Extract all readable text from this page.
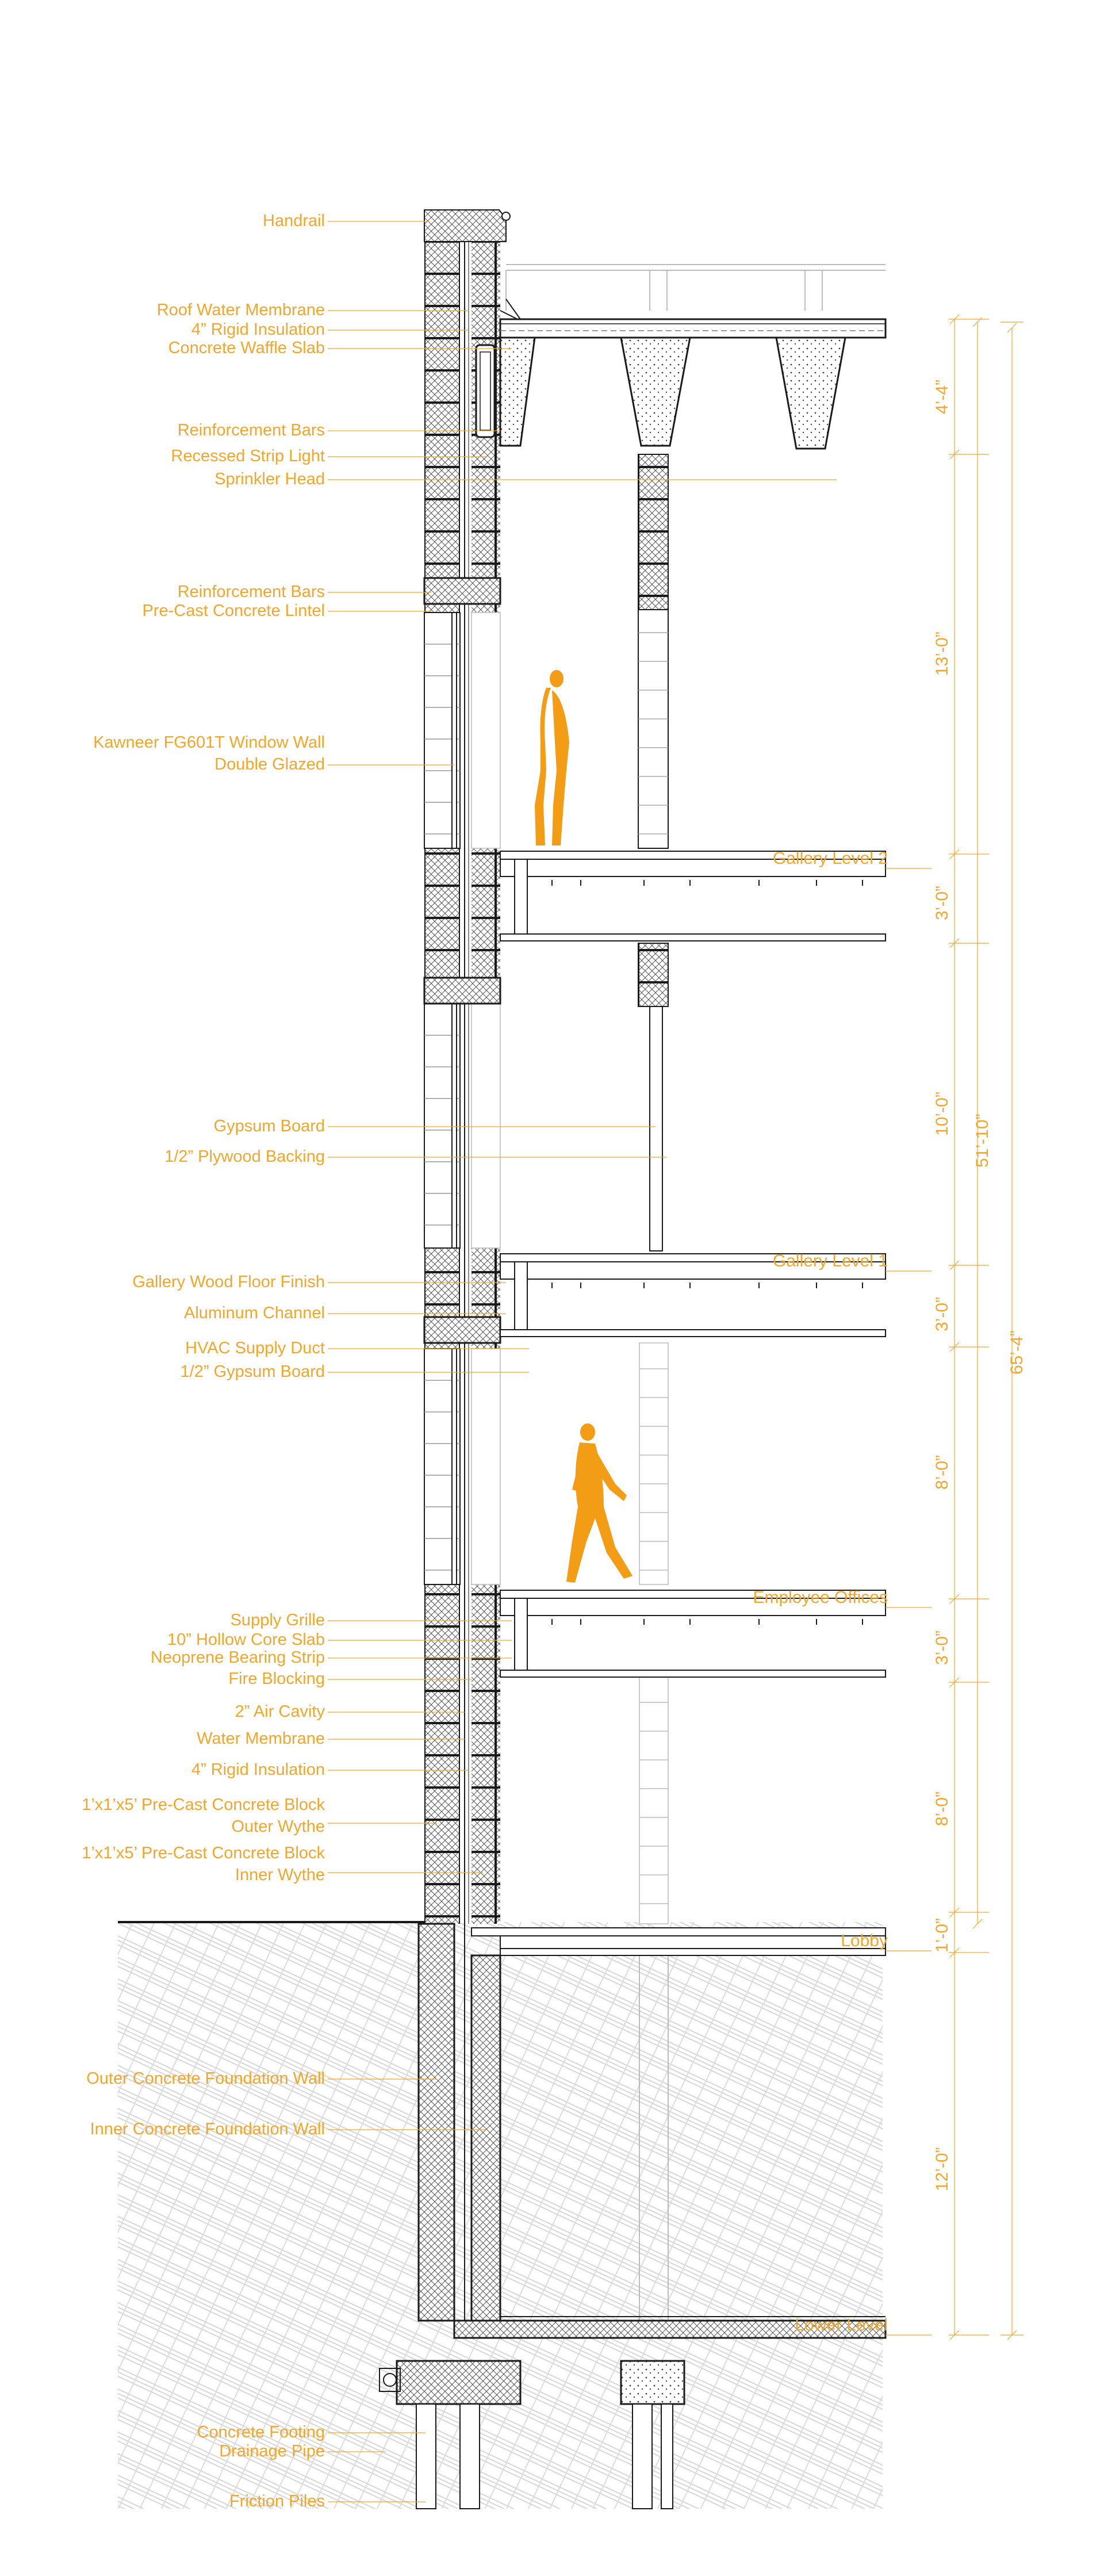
4’-4”
13’-0”
3’-0”
10’-0”
3’-0”
8’-0”
3’-0”
8’-0”
1’-0”
12’-0”
51’-10”
65’-4”
Handrail
Roof Water Membrane
4” Rigid Insulation
Concrete Waffle Slab
Reinforcement Bars
Recessed Strip Light
Sprinkler Head
Reinforcement Bars
Pre-Cast Concrete Lintel
Kawneer FG601T Window Wall
Double Glazed
Gypsum Board
1/2” Plywood Backing
Gallery Wood Floor Finish
Aluminum Channel
HVAC Supply Duct
1/2” Gypsum Board
Supply Grille
10” Hollow Core Slab
Neoprene Bearing Strip
Fire Blocking
2” Air Cavity
Water Membrane
4” Rigid Insulation
1’x1’x5’ Pre-Cast Concrete Block
Outer Wythe
1’x1’x5’ Pre-Cast Concrete Block
Inner Wythe
Outer Concrete Foundation Wall
Inner Concrete Foundation Wall
Concrete Footing
Drainage Pipe
Friction Piles
Gallery Level 2
Gallery Level 1
Employee Offices
Lobby
Lower Level
